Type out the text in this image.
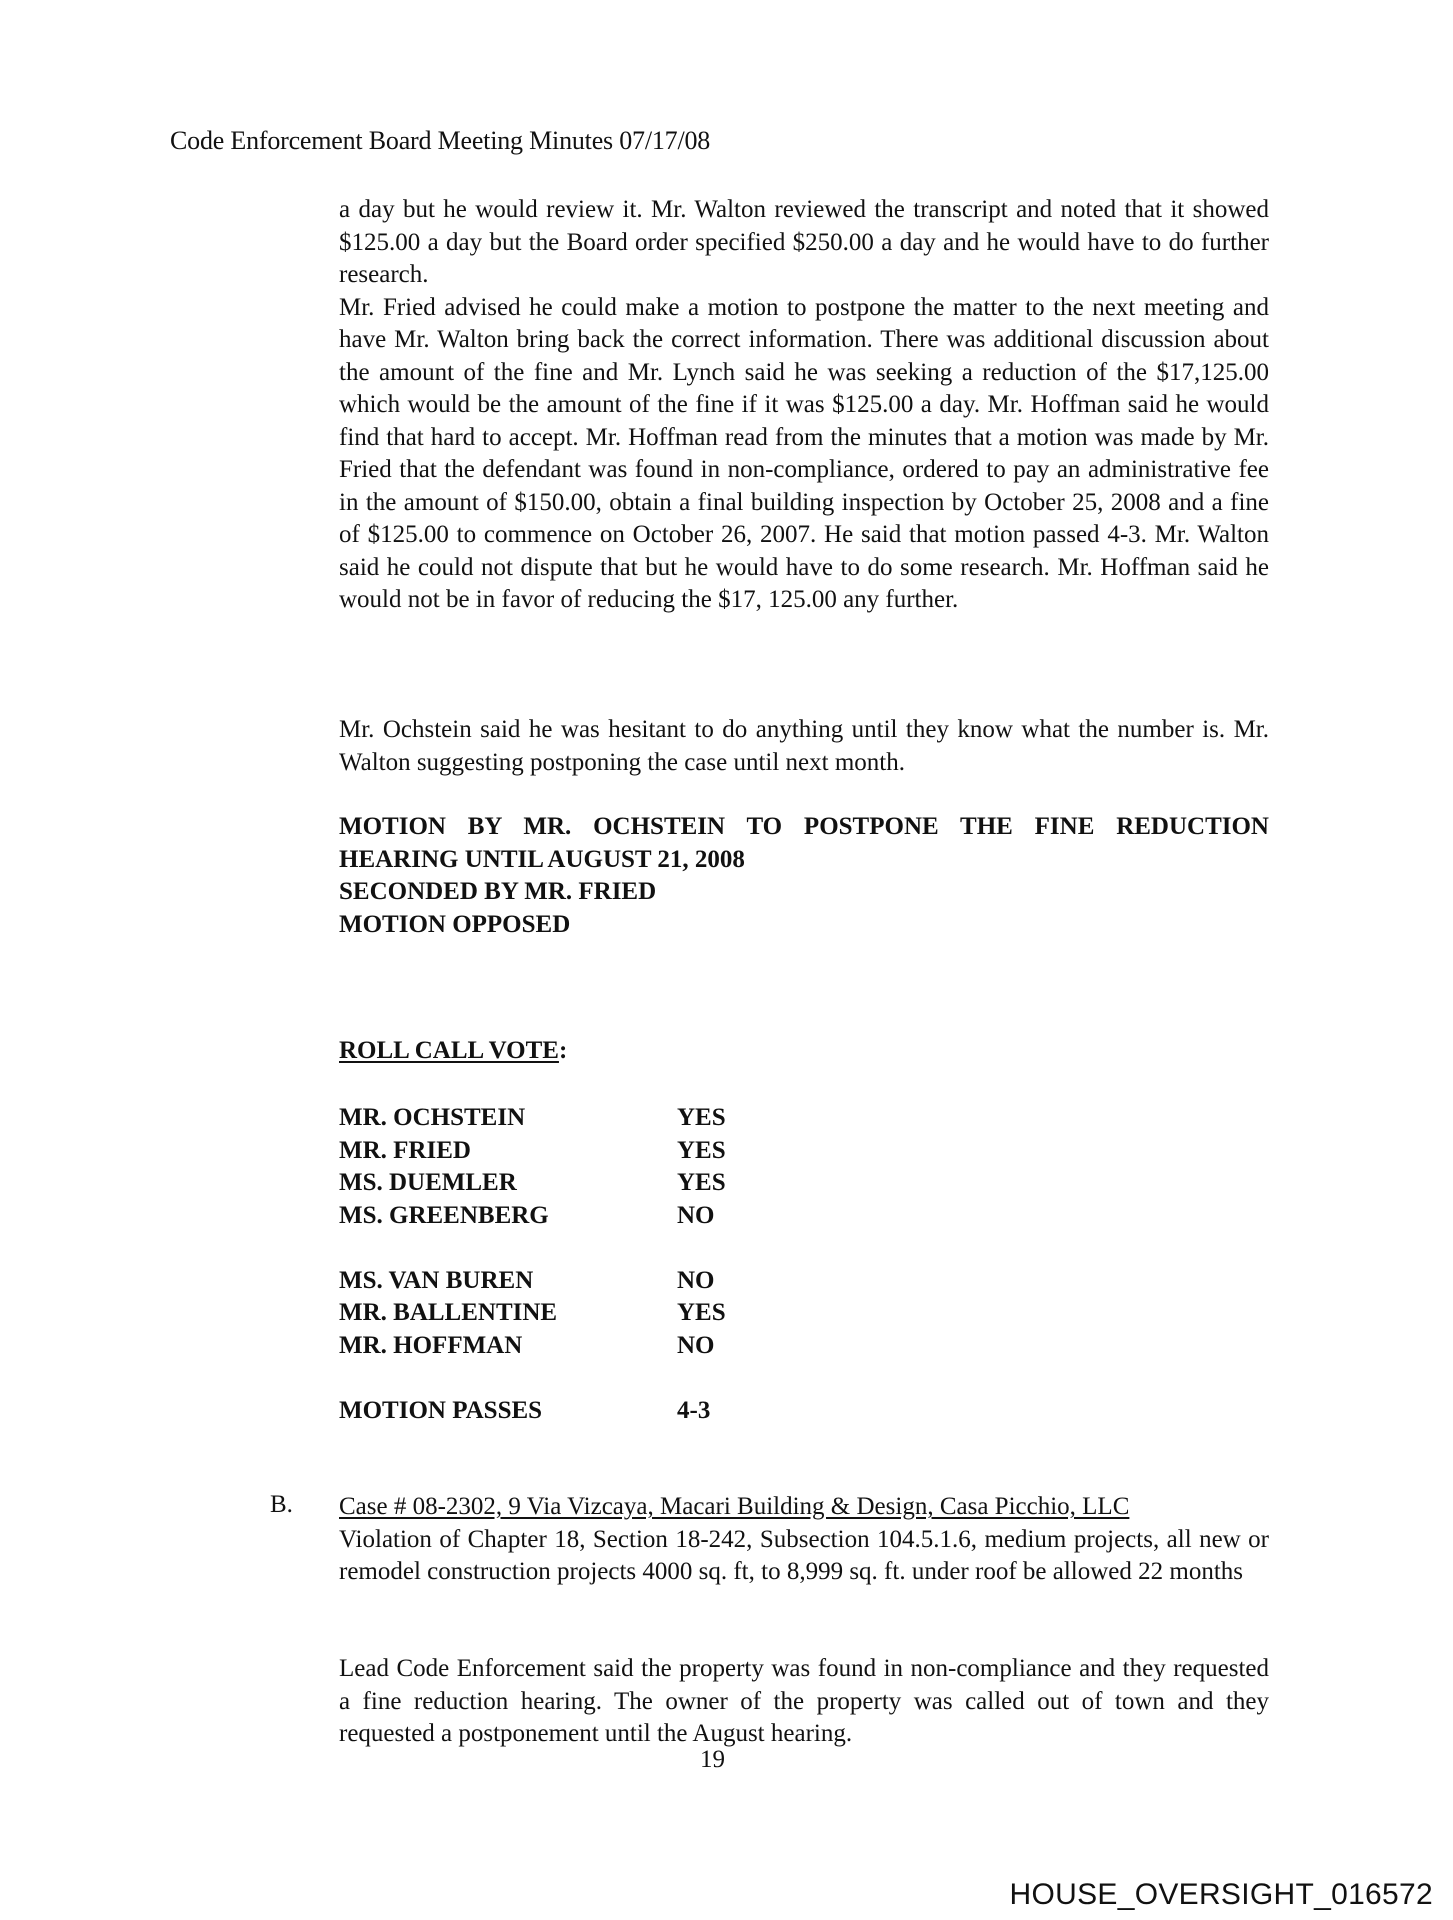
Code Enforcement Board Meeting Minutes 07/17/08

a day but he would review it. Mr. Walton reviewed the transcript and noted that it showed $125.00 a day but the Board order specified $250.00 a day and he would have to do further research.

Mr. Fried advised he could make a motion to postpone the matter to the next meeting and have Mr. Walton bring back the correct information. There was additional discussion about the amount of the fine and Mr. Lynch said he was seeking a reduction of the $17,125.00 which would be the amount of the fine if it was $125.00 a day. Mr. Hoffman said he would find that hard to accept. Mr. Hoffman read from the minutes that a motion was made by Mr. Fried that the defendant was found in non-compliance, ordered to pay an administrative fee in the amount of $150.00, obtain a final building inspection by October 25, 2008 and a fine of $125.00 to commence on October 26, 2007. He said that motion passed 4-3. Mr. Walton said he could not dispute that but he would have to do some research. Mr. Hoffman said he would not be in favor of reducing the $17, 125.00 any further.

Mr. Ochstein said he was hesitant to do anything until they know what the number is. Mr. Walton suggesting postponing the case until next month.

MOTION BY MR. OCHSTEIN TO POSTPONE THE FINE REDUCTION
HEARING UNTIL AUGUST 21, 2008
SECONDED BY MR. FRIED
MOTION OPPOSED
ROLL CALL VOTE:
MR. OCHSTEIN	YES
MR. FRIED	YES
MS. DUEMLER	YES
MS. GREENBERG	NO
MS. VAN BUREN	NO
MR. BALLENTINE	YES
MR. HOFFMAN	NO
MOTION PASSES	4-3
B. Case # 08-2302, 9 Via Vizcaya, Macari Building & Design, Casa Picchio, LLC

Violation of Chapter 18, Section 18-242, Subsection 104.5.1.6, medium projects, all new or remodel construction projects 4000 sq. ft, to 8,999 sq. ft. under roof be allowed 22 months

Lead Code Enforcement said the property was found in non-compliance and they requested a fine reduction hearing. The owner of the property was called out of town and they requested a postponement until the August hearing.

19
HOUSE_OVERSIGHT_016572
